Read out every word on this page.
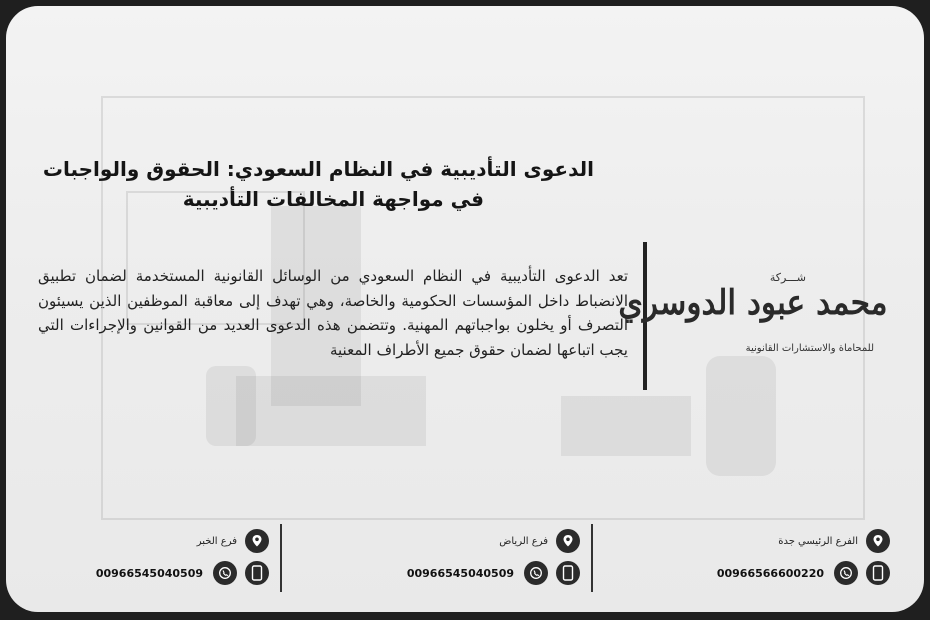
الدعوى التأديبية في النظام السعودي: الحقوق والواجبات
في مواجهة المخالفات التأديبية
تعد الدعوى التأديبية في النظام السعودي من الوسائل القانونية المستخدمة لضمان تطبيق الانضباط داخل المؤسسات الحكومية والخاصة، وهي تهدف إلى معاقبة الموظفين الذين يسيئون التصرف أو يخلون بواجباتهم المهنية. وتتضمن هذه الدعوى العديد من القوانين والإجراءات التي يجب اتباعها لضمان حقوق جميع الأطراف المعنية
شـــركة
محمد عبود الدوسري
للمحاماة والاستشارات القانونية
الفرع الرئيسي جدة
00966566600220
فرع الرياض
00966545040509
فرع الخبر
00966545040509
